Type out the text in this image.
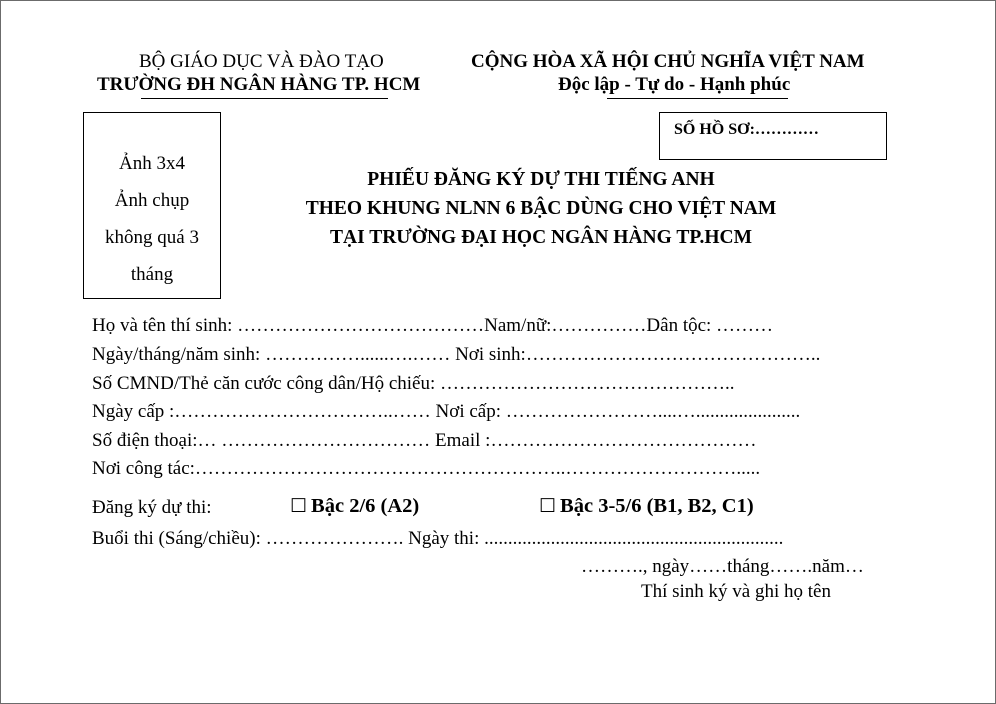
BỘ GIÁO DỤC VÀ ĐÀO TẠO
TRƯỜNG ĐH NGÂN HÀNG TP. HCM
CỘNG HÒA XÃ HỘI CHỦ NGHĨA VIỆT NAM
Độc lập - Tự do - Hạnh phúc
Ảnh 3x4
Ảnh chụp
không quá 3
tháng
SỐ HỒ SƠ:…………
PHIẾU ĐĂNG KÝ DỰ THI TIẾNG ANH
THEO KHUNG NLNN 6 BẬC DÙNG CHO VIỆT NAM
TẠI TRƯỜNG ĐẠI HỌC NGÂN HÀNG TP.HCM
Họ và tên thí sinh: …………………………………Nam/nữ:……………Dân tộc: ………
Ngày/tháng/năm sinh: ……………......….…… Nơi sinh:………………………………………..
Số CMND/Thẻ căn cước công dân/Hộ chiếu: ………………………………………..
Ngày cấp :……………………………..…… Nơi cấp: ……………………....…......................
Số điện thoại:… …………………………… Email :……………………………………
Nơi công tác:…………………………………………………..……………………….....
Đăng ký dự thi:	☐ Bậc 2/6 (A2)	☐ Bậc 3-5/6 (B1, B2, C1)
Buổi thi (Sáng/chiều): …………………. Ngày thi: ...............................................................
………., ngày……tháng…….năm…
Thí sinh ký và ghi họ tên
